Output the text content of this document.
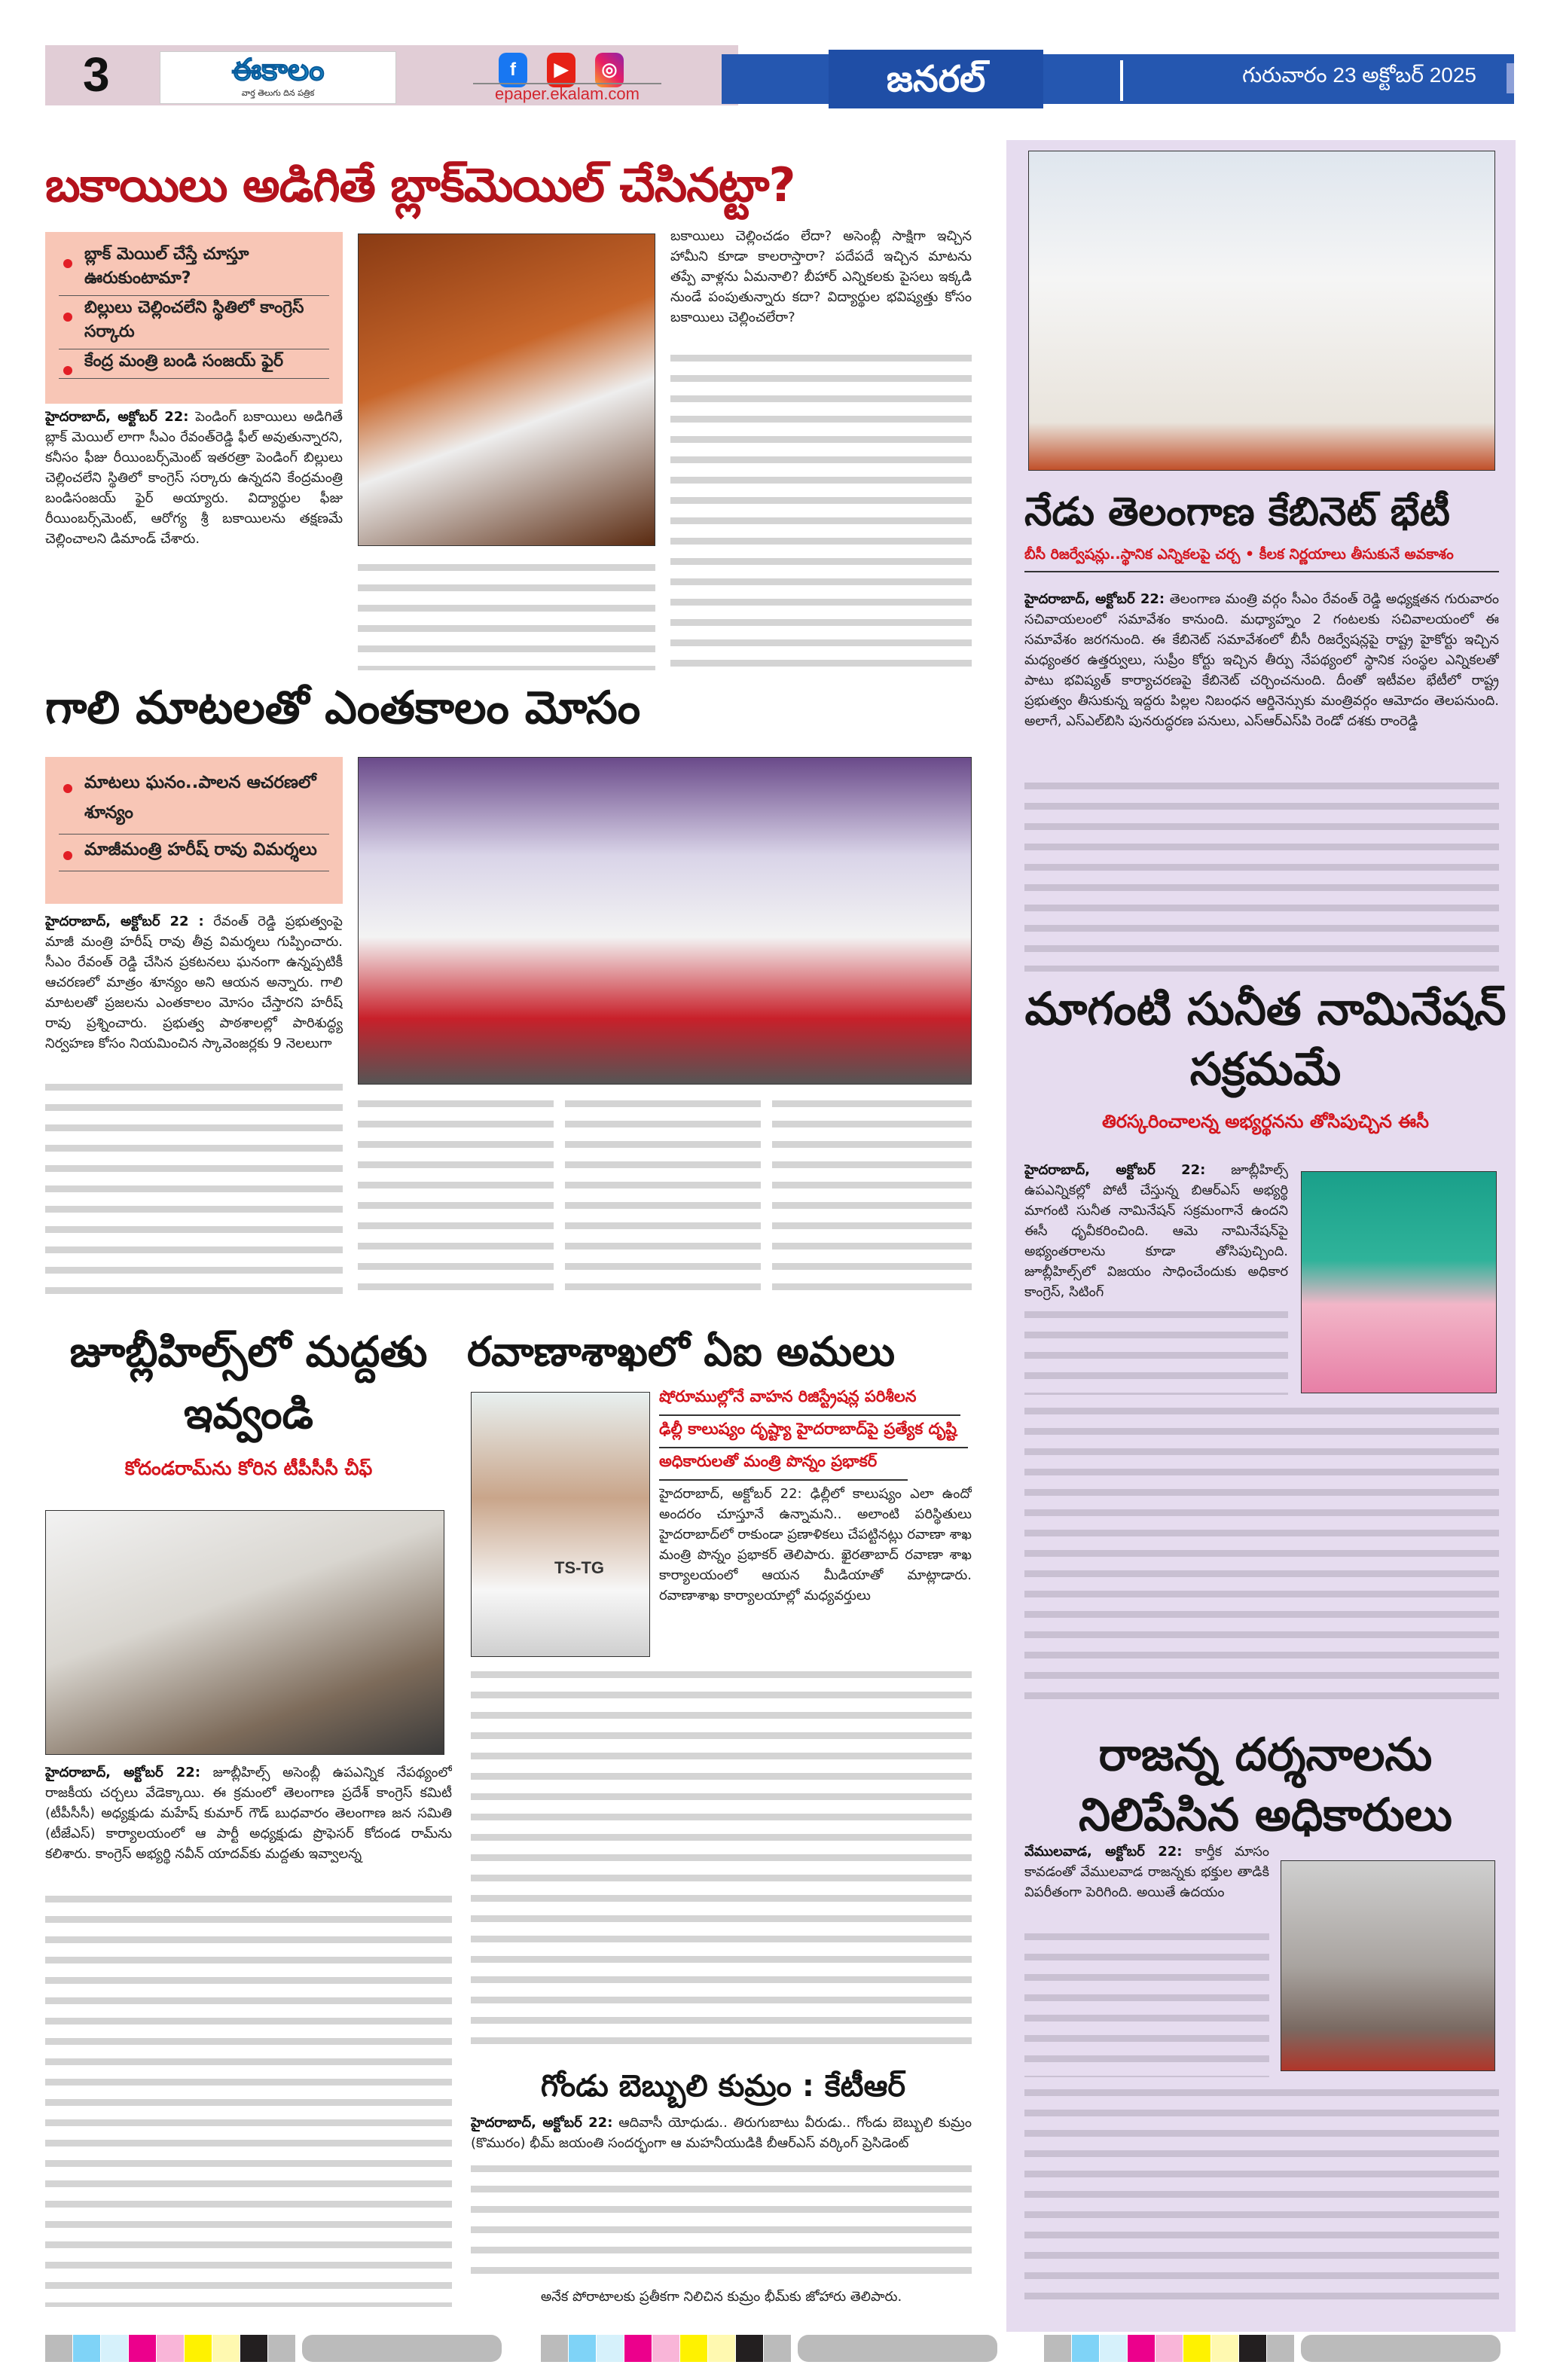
3	ఈకాలం
వార్త తెలుగు దిన పత్రిక
f	▶	◎
epaper.ekalam.com	జనరల్	గురువారం 23 అక్టోబర్ 2025
బకాయిలు అడిగితే బ్లాక్‌మెయిల్ చేసినట్టా?
బ్లాక్ మెయిల్ చేస్తే చూస్తూ ఊరుకుంటామా?
బిల్లులు చెల్లించలేని స్థితిలో కాంగ్రెస్ సర్కారు
కేంద్ర మంత్రి బండి సంజయ్ ఫైర్
హైదరాబాద్, అక్టోబర్ 22: పెండింగ్ బకాయిలు అడిగితే బ్లాక్ మెయిల్ లాగా సీఎం రేవంత్‌రెడ్డి ఫీల్ అవుతున్నారని, కనీసం ఫీజు రీయింబర్స్‌మెంట్ ఇతరత్రా పెండింగ్ బిల్లులు చెల్లించలేని స్థితిలో కాంగ్రెస్ సర్కారు ఉన్నదని కేంద్రమంత్రి బండిసంజయ్ ఫైర్ అయ్యారు. విద్యార్థుల ఫీజు రీయింబర్స్‌మెంట్, ఆరోగ్య శ్రీ బకాయిలను తక్షణమే చెల్లించాలని డిమాండ్ చేశారు.
బకాయిలు చెల్లించడం లేదా? అసెంబ్లీ సాక్షిగా ఇచ్చిన హామీని కూడా కాలరాస్తారా? పదేపదే ఇచ్చిన మాటను తప్పే వాళ్లను ఏమనాలి? బీహార్ ఎన్నికలకు పైసలు ఇక్కడి నుండే పంపుతున్నారు కదా? విద్యార్థుల భవిష్యత్తు కోసం బకాయిలు చెల్లించలేరా?
గాలి మాటలతో ఎంతకాలం మోసం
మాటలు ఘనం..పాలన ఆచరణలో శూన్యం
మాజీమంత్రి హరీష్ రావు విమర్శలు
హైదరాబాద్, అక్టోబర్ 22 : రేవంత్ రెడ్డి ప్రభుత్వంపై మాజీ మంత్రి హరీష్ రావు తీవ్ర విమర్శలు గుప్పించారు. సీఎం రేవంత్ రెడ్డి చేసిన ప్రకటనలు ఘనంగా ఉన్నప్పటికీ ఆచరణలో మాత్రం శూన్యం అని ఆయన అన్నారు. గాలి మాటలతో ప్రజలను ఎంతకాలం మోసం చేస్తారని హరీష్ రావు ప్రశ్నించారు. ప్రభుత్వ పాఠశాలల్లో పారిశుద్ధ్య నిర్వహణ కోసం నియమించిన స్కావెంజర్లకు 9 నెలలుగా
నేడు తెలంగాణ కేబినెట్ భేటీ
బీసీ రిజర్వేషన్లు..స్థానిక ఎన్నికలపై చర్చ • కీలక నిర్ణయాలు తీసుకునే అవకాశం
హైదరాబాద్, అక్టోబర్ 22: తెలంగాణ మంత్రి వర్గం సీఎం రేవంత్ రెడ్డి అధ్యక్షతన గురువారం సచివాయలంలో సమావేశం కానుంది. మధ్యాహ్నం 2 గంటలకు సచివాలయంలో ఈ సమావేశం జరగనుంది. ఈ కేబినెట్ సమావేశంలో బీసీ రిజర్వేషన్లపై రాష్ట్ర హైకోర్టు ఇచ్చిన మధ్యంతర ఉత్తర్వులు, సుప్రీం కోర్టు ఇచ్చిన తీర్పు నేపథ్యంలో స్థానిక సంస్థల ఎన్నికలతో పాటు భవిష్యత్ కార్యాచరణపై కేబినెట్ చర్చించనుంది. దీంతో ఇటీవల భేటీలో రాష్ట్ర ప్రభుత్వం తీసుకున్న ఇద్దరు పిల్లల నిబంధన ఆర్డినెన్సుకు మంత్రివర్గం ఆమోదం తెలపనుంది. అలాగే, ఎస్ఎల్‌బిసి పునరుద్ధరణ పనులు, ఎస్ఆర్ఎస్‌పి రెండో దశకు రాంరెడ్డి
మాగంటి సునీత నామినేషన్ సక్రమమే
తిరస్కరించాలన్న అభ్యర్థనను తోసిపుచ్చిన ఈసీ
హైదరాబాద్, అక్టోబర్ 22: జూబ్లీహిల్స్ ఉపఎన్నికల్లో పోటీ చేస్తున్న బిఆర్ఎస్ అభ్యర్థి మాగంటి సునీత నామినేషన్ సక్రమంగానే ఉందని ఈసీ ధృవీకరించింది. ఆమె నామినేషన్‌పై అభ్యంతరాలను కూడా తోసిపుచ్చింది. జూబ్లీహిల్స్‌లో విజయం సాధించేందుకు అధికార కాంగ్రెస్, సిటింగ్
రాజన్న దర్శనాలను నిలిపేసిన అధికారులు
వేములవాడ, అక్టోబర్ 22: కార్తీక మాసం కావడంతో వేములవాడ రాజన్నకు భక్తుల తాడికి విపరీతంగా పెరిగింది. అయితే ఉదయం
జూబ్లీహిల్స్‌లో మద్దతు ఇవ్వండి
కోదండరామ్‌ను కోరిన టీపీసీసీ చీఫ్
హైదరాబాద్, అక్టోబర్ 22: జూబ్లీహిల్స్ అసెంబ్లీ ఉపఎన్నిక నేపథ్యంలో రాజకీయ చర్చలు వేడెక్కాయి. ఈ క్రమంలో తెలంగాణ ప్రదేశ్ కాంగ్రెస్ కమిటీ (టీపీసీసీ) అధ్యక్షుడు మహేష్ కుమార్ గౌడ్ బుధవారం తెలంగాణ జన సమితి (టీజేఎస్) కార్యాలయంలో ఆ పార్టీ అధ్యక్షుడు ప్రొఫెసర్ కోదండ రామ్‌ను కలిశారు. కాంగ్రెస్ అభ్యర్థి నవీన్ యాదవ్‌కు మద్దతు ఇవ్వాలన్న
రవాణాశాఖలో ఏఐ అమలు
TS-TG
షోరూముల్లోనే వాహన రిజిస్ట్రేషన్ల పరిశీలన
ఢిల్లీ కాలుష్యం దృష్ట్యా హైదరాబాద్‌పై ప్రత్యేక దృష్టి
అధికారులతో మంత్రి పొన్నం ప్రభాకర్
హైదరాబాద్, అక్టోబర్ 22: ఢిల్లీలో కాలుష్యం ఎలా ఉందో అందరం చూస్తూనే ఉన్నామని.. అలాంటి పరిస్థితులు హైదరాబాద్‌లో రాకుండా ప్రణాళికలు చేపట్టినట్లు రవాణా శాఖ మంత్రి పొన్నం ప్రభాకర్ తెలిపారు. ఖైరతాబాద్ రవాణా శాఖ కార్యాలయంలో ఆయన మీడియాతో మాట్లాడారు. రవాణాశాఖ కార్యాలయాల్లో మధ్యవర్తులు
గోండు బెబ్బులి కుమ్రం : కేటీఆర్
హైదరాబాద్, అక్టోబర్ 22: ఆదివాసీ యోధుడు.. తిరుగుబాటు వీరుడు.. గోండు బెబ్బులి కుమ్రం (కొమురం) భీమ్ జయంతి సందర్భంగా ఆ మహనీయుడికి బీఆర్ఎస్ వర్కింగ్ ప్రెసిడెంట్
అనేక పోరాటాలకు ప్రతీకగా నిలిచిన కుమ్రం భీమ్‌కు జోహారు తెలిపారు.
